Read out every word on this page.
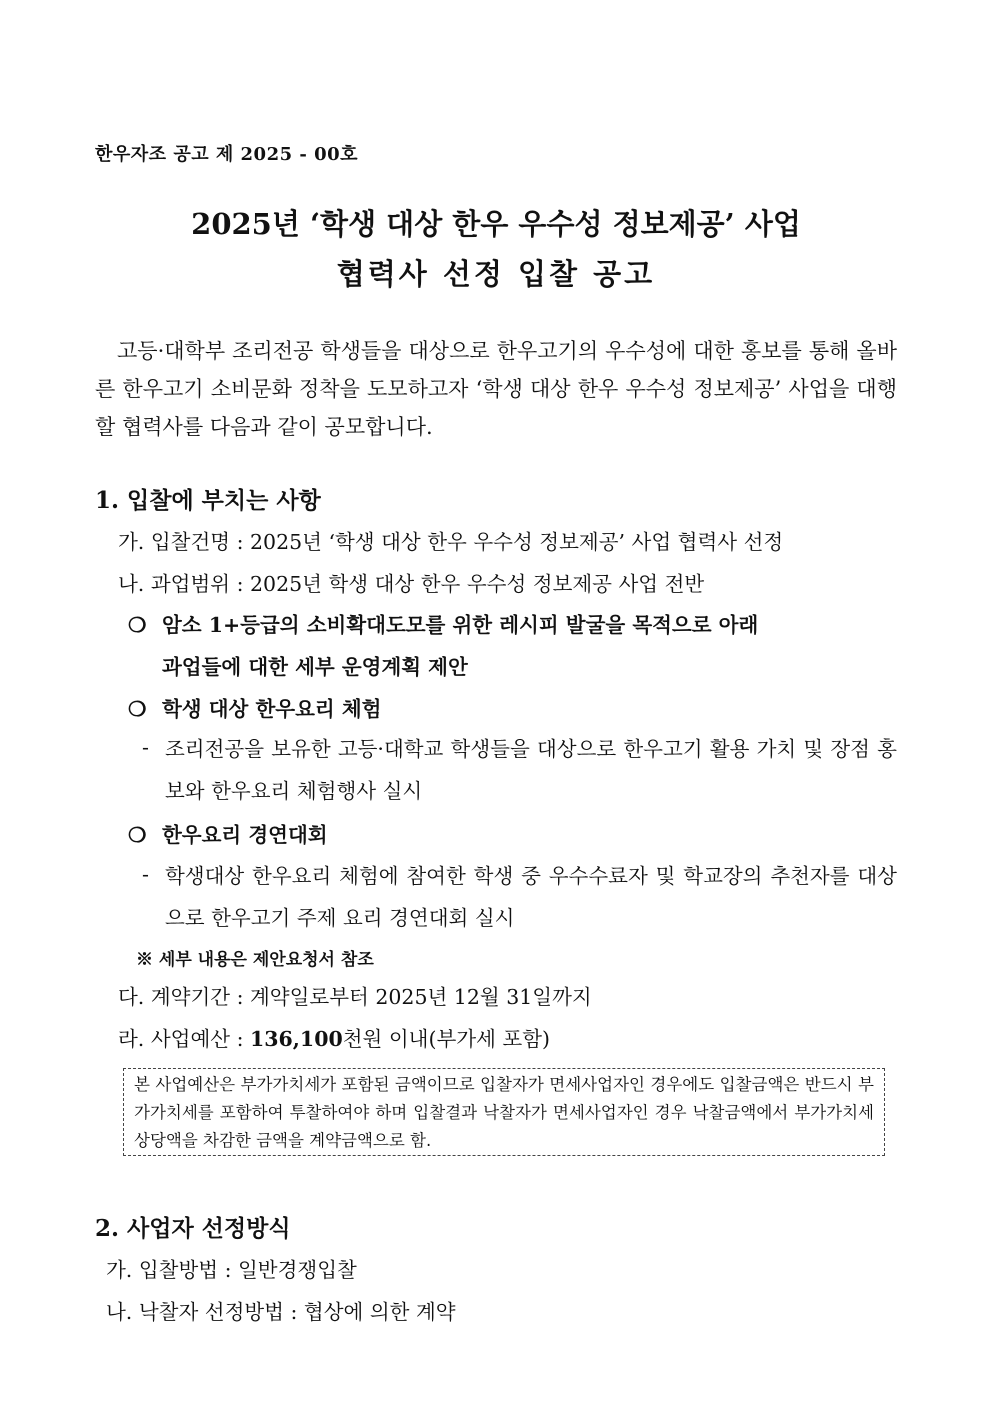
한우자조 공고 제 2025 - 00호
2025년 ‘학생 대상 한우 우수성 정보제공’ 사업
협력사 선정 입찰 공고
고등·대학부 조리전공 학생들을 대상으로 한우고기의 우수성에 대한 홍보를 통해 올바른 한우고기 소비문화 정착을 도모하고자 ‘학생 대상 한우 우수성 정보제공’ 사업을 대행할 협력사를 다음과 같이 공모합니다.
1. 입찰에 부치는 사항
가. 입찰건명 : 2025년 ‘학생 대상 한우 우수성 정보제공’ 사업 협력사 선정
나. 과업범위 : 2025년 학생 대상 한우 우수성 정보제공 사업 전반
❍ 암소 1+등급의 소비확대도모를 위한 레시피 발굴을 목적으로 아래
과업들에 대한 세부 운영계획 제안
❍ 학생 대상 한우요리 체험
- 조리전공을 보유한 고등·대학교 학생들을 대상으로 한우고기 활용 가치 및 장점 홍보와 한우요리 체험행사 실시
❍ 한우요리 경연대회
- 학생대상 한우요리 체험에 참여한 학생 중 우수수료자 및 학교장의 추천자를 대상으로 한우고기 주제 요리 경연대회 실시
※ 세부 내용은 제안요청서 참조
다. 계약기간 : 계약일로부터 2025년 12월 31일까지
라. 사업예산 : 136,100천원 이내(부가세 포함)
본 사업예산은 부가가치세가 포함된 금액이므로 입찰자가 면세사업자인 경우에도 입찰금액은 반드시 부가가치세를 포함하여 투찰하여야 하며 입찰결과 낙찰자가 면세사업자인 경우 낙찰금액에서 부가가치세 상당액을 차감한 금액을 계약금액으로 함.
2. 사업자 선정방식
가. 입찰방법 : 일반경쟁입찰
나. 낙찰자 선정방법 : 협상에 의한 계약
